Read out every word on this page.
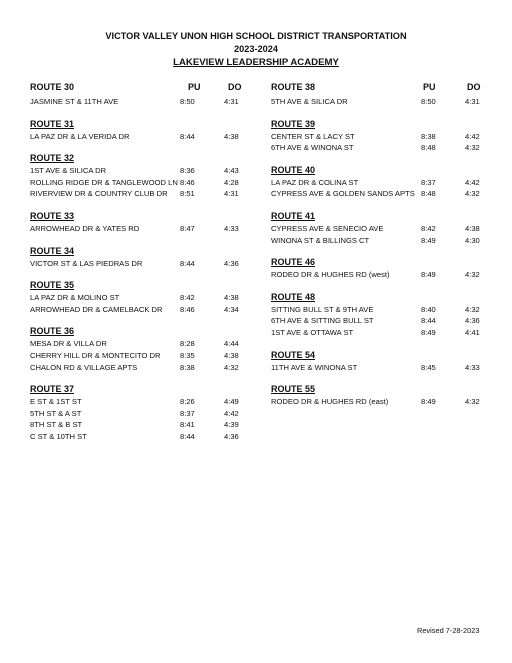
VICTOR VALLEY UNON HIGH SCHOOL DISTRICT TRANSPORTATION
2023-2024
LAKEVIEW LEADERSHIP ACADEMY
ROUTE 30	PU	DO
JASMINE ST & 11TH AVE	8:50	4:31
ROUTE 31
LA PAZ DR & LA VERIDA DR	8:44	4:38
ROUTE 32
1ST AVE & SILICA DR	8:36	4:43
ROLLING RIDGE DR & TANGLEWOOD LN 8:46	4:28
RIVERVIEW DR & COUNTRY CLUB DR 8:51	4:31
ROUTE 33
ARROWHEAD DR & YATES RD	8:47	4:33
ROUTE 34
VICTOR ST & LAS PIEDRAS DR	8:44	4:36
ROUTE 35
LA PAZ DR & MOLINO ST	8:42	4:38
ARROWHEAD DR & CAMELBACK DR 8:46	4:34
ROUTE 36
MESA DR & VILLA DR	8:28	4:44
CHERRY HILL DR & MONTECITO DR	8:35	4:38
CHALON RD & VILLAGE APTS	8:38	4:32
ROUTE 37
E ST & 1ST ST	8:26	4:49
5TH ST & A ST	8:37	4:42
8TH ST & B ST	8:41	4:39
C ST & 10TH ST	8:44	4:36
ROUTE 38	PU	DO
5TH AVE & SILICA DR	8:50	4:31
ROUTE 39
CENTER ST & LACY ST	8:38	4:42
6TH AVE & WINONA ST	8:48	4:32
ROUTE 40
LA PAZ DR & COLINA ST	8:37	4:42
CYPRESS AVE & GOLDEN SANDS APTS 8:48	4:32
ROUTE 41
CYPRESS AVE & SENECIO AVE	8:42	4:38
WINONA ST & BILLINGS CT	8:49	4:30
ROUTE 46
RODEO DR & HUGHES RD (west)	8:49	4:32
ROUTE 48
SITTING BULL ST & 9TH AVE	8:40	4:32
6TH AVE & SITTING BULL ST	8:44	4:36
1ST AVE & OTTAWA ST	8:49	4:41
ROUTE 54
11TH AVE & WINONA ST	8:45	4:33
ROUTE 55
RODEO DR & HUGHES RD (east)	8:49	4:32
Revised 7-28-2023
